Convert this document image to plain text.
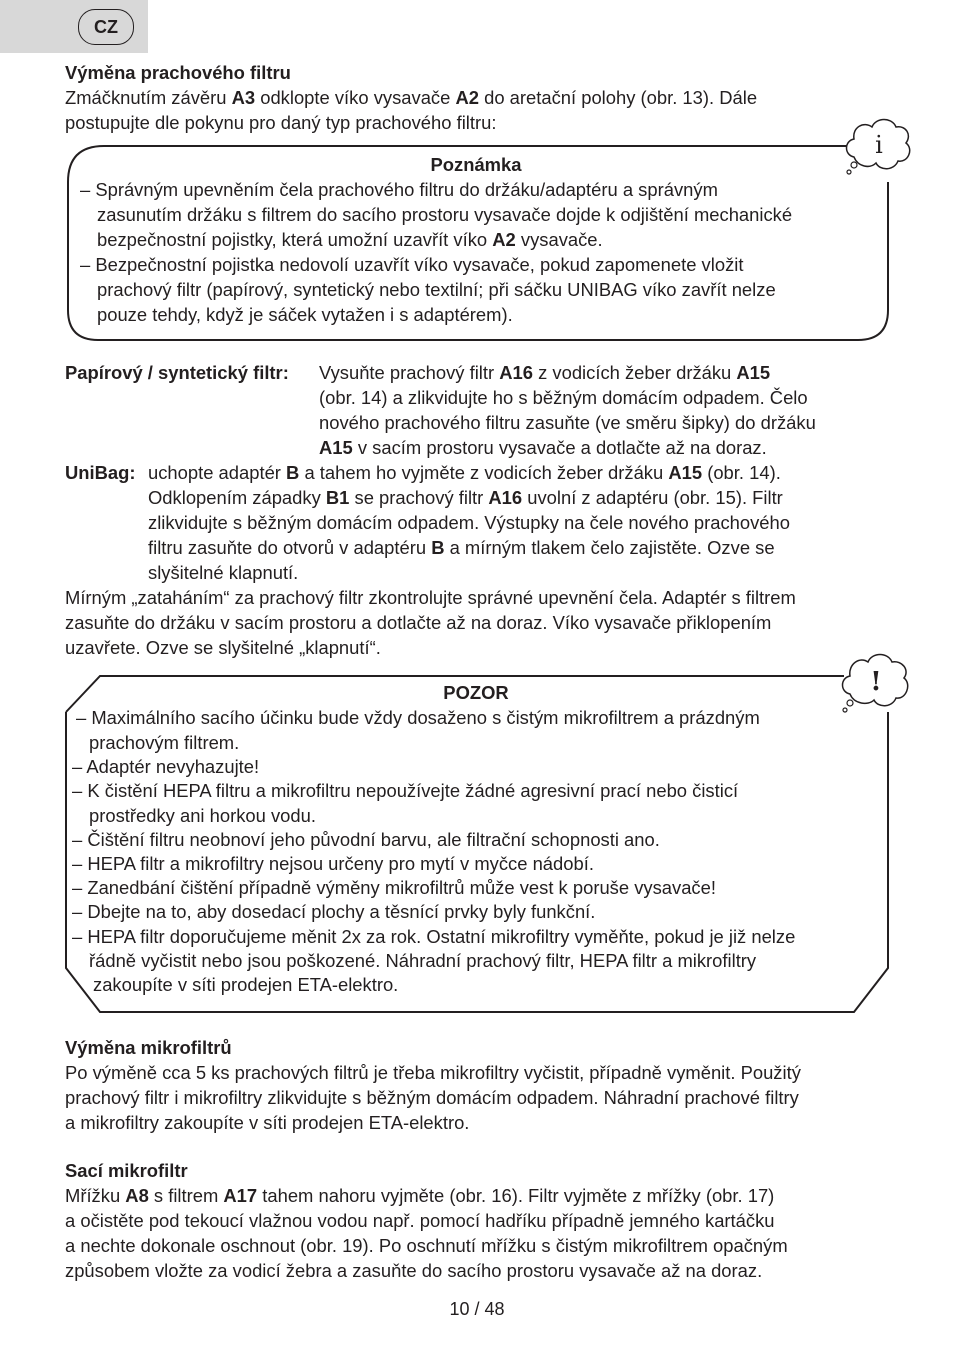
CZ

Výměna prachového filtru

Zmáčknutím závěru A3 odklopte víko vysavače A2 do aretační polohy (obr. 13). Dále

postupujte dle pokynu pro daný typ prachového filtru:

i

Poznámka

– Správným upevněním čela prachového filtru do držáku/adaptéru a správným

zasunutím držáku s filtrem do sacího prostoru vysavače dojde k odjištění mechanické

bezpečnostní pojistky, která umožní uzavřít víko A2 vysavače.

– Bezpečnostní pojistka nedovolí uzavřít víko vysavače, pokud zapomenete vložit

prachový filtr (papírový, syntetický nebo textilní; při sáčku UNIBAG víko zavřít nelze

pouze tehdy, když je sáček vytažen i s adaptérem).

Papírový / syntetický filtr: Vysuňte prachový filtr A16 z vodicích žeber držáku A15

(obr. 14) a zlikvidujte ho s běžným domácím odpadem. Čelo

nového prachového filtru zasuňte (ve směru šipky) do držáku

A15 v sacím prostoru vysavače a dotlačte až na doraz.

UniBag: uchopte adaptér B a tahem ho vyjměte z vodicích žeber držáku A15 (obr. 14).

Odklopením západky B1 se prachový filtr A16 uvolní z adaptéru (obr. 15). Filtr

zlikvidujte s běžným domácím odpadem. Výstupky na čele nového prachového

filtru zasuňte do otvorů v adaptéru B a mírným tlakem čelo zajistěte. Ozve se

slyšitelné klapnutí.

Mírným „zataháním“ za prachový filtr zkontrolujte správné upevnění čela. Adaptér s filtrem

zasuňte do držáku v sacím prostoru a dotlačte až na doraz. Víko vysavače přiklopením

uzavřete. Ozve se slyšitelné „klapnutí“.

!

POZOR

– Maximálního sacího účinku bude vždy dosaženo s čistým mikrofiltrem a prázdným

prachovým filtrem.

– Adaptér nevyhazujte!

– K čistění HEPA filtru a mikrofiltru nepoužívejte žádné agresivní prací nebo čisticí

prostředky ani horkou vodu.

– Čištění filtru neobnoví jeho původní barvu, ale filtrační schopnosti ano.

– HEPA filtr a mikrofiltry nejsou určeny pro mytí v myčce nádobí.

– Zanedbání čištění případně výměny mikrofiltrů může vest k poruše vysavače!

– Dbejte na to, aby dosedací plochy a těsnící prvky byly funkční.

– HEPA filtr doporučujeme měnit 2x za rok. Ostatní mikrofiltry vyměňte, pokud je již nelze

řádně vyčistit nebo jsou poškozené. Náhradní prachový filtr, HEPA filtr a mikrofiltry

zakoupíte v síti prodejen ETA-elektro.

Výměna mikrofiltrů

Po výměně cca 5 ks prachových filtrů je třeba mikrofiltry vyčistit, případně vyměnit. Použitý

prachový filtr i mikrofiltry zlikvidujte s běžným domácím odpadem. Náhradní prachové filtry

a mikrofiltry zakoupíte v síti prodejen ETA-elektro.

Sací mikrofiltr

Mřížku A8 s filtrem A17 tahem nahoru vyjměte (obr. 16). Filtr vyjměte z mřížky (obr. 17)

a očistěte pod tekoucí vlažnou vodou např. pomocí hadříku případně jemného kartáčku

a nechte dokonale oschnout (obr. 19). Po oschnutí mřížku s čistým mikrofiltrem opačným

způsobem vložte za vodicí žebra a zasuňte do sacího prostoru vysavače až na doraz.

10 / 48
